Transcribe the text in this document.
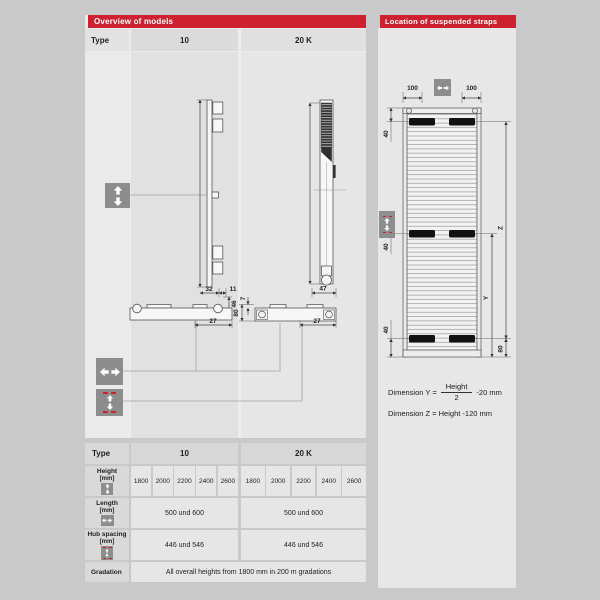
Overview of models
Type	10	20 K
32	11
46
27
47
7
80
27
Type	10	20 K
Height
[mm]	1800	2000	2200	2400	2600	1800	2000	2200	2400	2600
Length
[mm]	500 und 600	500 und 600
Hub spacing
[mm]	446 und 546	446 und 546
Gradation	All overall heights from 1800 mm in 200 m gradations
Location of suspended straps
100	100
40
40
40
Y
Z
80
Dimension $Y = \frac{\text{Height}}{2} -20$ mm
Dimension Z = Height -120 mm
